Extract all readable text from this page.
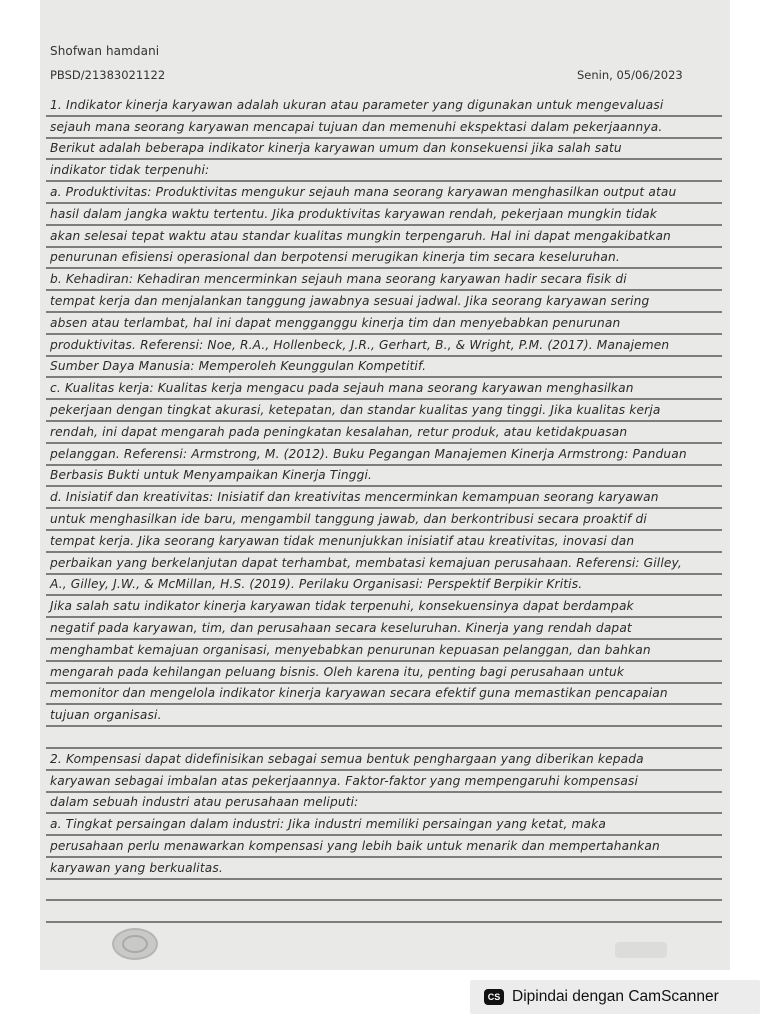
Shofwan hamdani
PBSD/21383021122	Senin, 05/06/2023
1. Indikator kinerja karyawan adalah ukuran atau parameter yang digunakan untuk mengevaluasi
sejauh mana seorang karyawan mencapai tujuan dan memenuhi ekspektasi dalam pekerjaannya.
Berikut adalah beberapa indikator kinerja karyawan umum dan konsekuensi jika salah satu
indikator tidak terpenuhi:
a. Produktivitas: Produktivitas mengukur sejauh mana seorang karyawan menghasilkan output atau
hasil dalam jangka waktu tertentu. Jika produktivitas karyawan rendah, pekerjaan mungkin tidak
akan selesai tepat waktu atau standar kualitas mungkin terpengaruh. Hal ini dapat mengakibatkan
penurunan efisiensi operasional dan berpotensi merugikan kinerja tim secara keseluruhan.
b. Kehadiran: Kehadiran mencerminkan sejauh mana seorang karyawan hadir secara fisik di
tempat kerja dan menjalankan tanggung jawabnya sesuai jadwal. Jika seorang karyawan sering
absen atau terlambat, hal ini dapat mengganggu kinerja tim dan menyebabkan penurunan
produktivitas. Referensi: Noe, R.A., Hollenbeck, J.R., Gerhart, B., & Wright, P.M. (2017). Manajemen
Sumber Daya Manusia: Memperoleh Keunggulan Kompetitif.
c. Kualitas kerja: Kualitas kerja mengacu pada sejauh mana seorang karyawan menghasilkan
pekerjaan dengan tingkat akurasi, ketepatan, dan standar kualitas yang tinggi. Jika kualitas kerja
rendah, ini dapat mengarah pada peningkatan kesalahan, retur produk, atau ketidakpuasan
pelanggan. Referensi: Armstrong, M. (2012). Buku Pegangan Manajemen Kinerja Armstrong: Panduan
Berbasis Bukti untuk Menyampaikan Kinerja Tinggi.
d. Inisiatif dan kreativitas: Inisiatif dan kreativitas mencerminkan kemampuan seorang karyawan
untuk menghasilkan ide baru, mengambil tanggung jawab, dan berkontribusi secara proaktif di
tempat kerja. Jika seorang karyawan tidak menunjukkan inisiatif atau kreativitas, inovasi dan
perbaikan yang berkelanjutan dapat terhambat, membatasi kemajuan perusahaan. Referensi: Gilley,
A., Gilley, J.W., & McMillan, H.S. (2019). Perilaku Organisasi: Perspektif Berpikir Kritis.
Jika salah satu indikator kinerja karyawan tidak terpenuhi, konsekuensinya dapat berdampak
negatif pada karyawan, tim, dan perusahaan secara keseluruhan. Kinerja yang rendah dapat
menghambat kemajuan organisasi, menyebabkan penurunan kepuasan pelanggan, dan bahkan
mengarah pada kehilangan peluang bisnis. Oleh karena itu, penting bagi perusahaan untuk
memonitor dan mengelola indikator kinerja karyawan secara efektif guna memastikan pencapaian
tujuan organisasi.
2. Kompensasi dapat didefinisikan sebagai semua bentuk penghargaan yang diberikan kepada
karyawan sebagai imbalan atas pekerjaannya. Faktor-faktor yang mempengaruhi kompensasi
dalam sebuah industri atau perusahaan meliputi:
a. Tingkat persaingan dalam industri: Jika industri memiliki persaingan yang ketat, maka
perusahaan perlu menawarkan kompensasi yang lebih baik untuk menarik dan mempertahankan
karyawan yang berkualitas.
CS Dipindai dengan CamScanner
